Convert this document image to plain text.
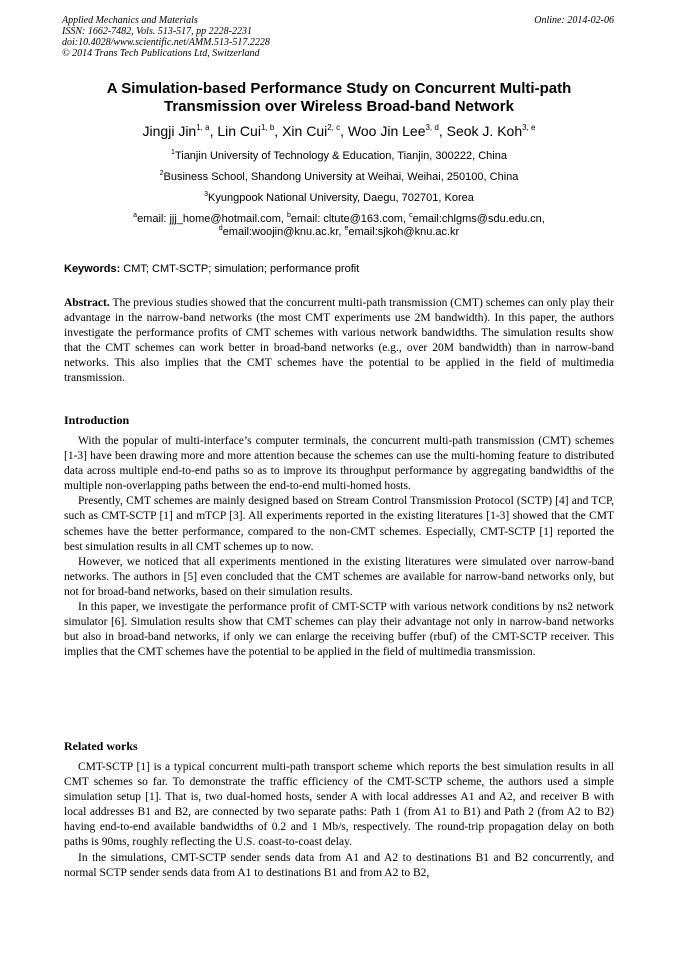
Applied Mechanics and Materials
ISSN: 1662-7482, Vols. 513-517, pp 2228-2231
doi:10.4028/www.scientific.net/AMM.513-517.2228
© 2014 Trans Tech Publications Ltd, Switzerland
Online: 2014-02-06
A Simulation-based Performance Study on Concurrent Multi-path
Transmission over Wireless Broad-band Network
Jingji Jin$^{1, a}$, Lin Cui$^{1, b}$, Xin Cui$^{2, c}$, Woo Jin Lee$^{3, d}$, Seok J. Koh$^{3, e}$
$^1$Tianjin University of Technology & Education, Tianjin, 300222, China
$^2$Business School, Shandong University at Weihai, Weihai, 250100, China
$^3$Kyungpook National University, Daegu, 702701, Korea
$^a$email: jjj_home@hotmail.com, $^b$email: cltute@163.com, $^c$email:chlgms@sdu.edu.cn,
$^d$email:woojin@knu.ac.kr, $^e$email:sjkoh@knu.ac.kr
Keywords: CMT; CMT-SCTP; simulation; performance profit

Abstract. The previous studies showed that the concurrent multi-path transmission (CMT) schemes can only play their advantage in the narrow-band networks (the most CMT experiments use 2M bandwidth). In this paper, the authors investigate the performance profits of CMT schemes with various network bandwidths. The simulation results show that the CMT schemes can work better in broad-band networks (e.g., over 20M bandwidth) than in narrow-band networks. This also implies that the CMT schemes have the potential to be applied in the field of multimedia transmission.

Introduction

With the popular of multi-interface’s computer terminals, the concurrent multi-path transmission (CMT) schemes [1-3] have been drawing more and more attention because the schemes can use the multi-homing feature to distributed data across multiple end-to-end paths so as to improve its throughput performance by aggregating bandwidths of the multiple non-overlapping paths between the end-to-end multi-homed hosts.

Presently, CMT schemes are mainly designed based on Stream Control Transmission Protocol (SCTP) [4] and TCP, such as CMT-SCTP [1] and mTCP [3]. All experiments reported in the existing literatures [1-3] showed that the CMT schemes have the better performance, compared to the non-CMT schemes. Especially, CMT-SCTP [1] reported the best simulation results in all CMT schemes up to now.

However, we noticed that all experiments mentioned in the existing literatures were simulated over narrow-band networks. The authors in [5] even concluded that the CMT schemes are available for narrow-band networks only, but not for broad-band networks, based on their simulation results.

In this paper, we investigate the performance profit of CMT-SCTP with various network conditions by ns2 network simulator [6]. Simulation results show that CMT schemes can play their advantage not only in narrow-band networks but also in broad-band networks, if only we can enlarge the receiving buffer (rbuf) of the CMT-SCTP receiver. This implies that the CMT schemes have the potential to be applied in the field of multimedia transmission.

Related works

CMT-SCTP [1] is a typical concurrent multi-path transport scheme which reports the best simulation results in all CMT schemes so far. To demonstrate the traffic efficiency of the CMT-SCTP scheme, the authors used a simple simulation setup [1]. That is, two dual-homed hosts, sender A with local addresses A1 and A2, and receiver B with local addresses B1 and B2, are connected by two separate paths: Path 1 (from A1 to B1) and Path 2 (from A2 to B2) having end-to-end available bandwidths of 0.2 and 1 Mb/s, respectively. The round-trip propagation delay on both paths is 90ms, roughly reflecting the U.S. coast-to-coast delay.

In the simulations, CMT-SCTP sender sends data from A1 and A2 to destinations B1 and B2 concurrently, and normal SCTP sender sends data from A1 to destinations B1 and from A2 to B2,
